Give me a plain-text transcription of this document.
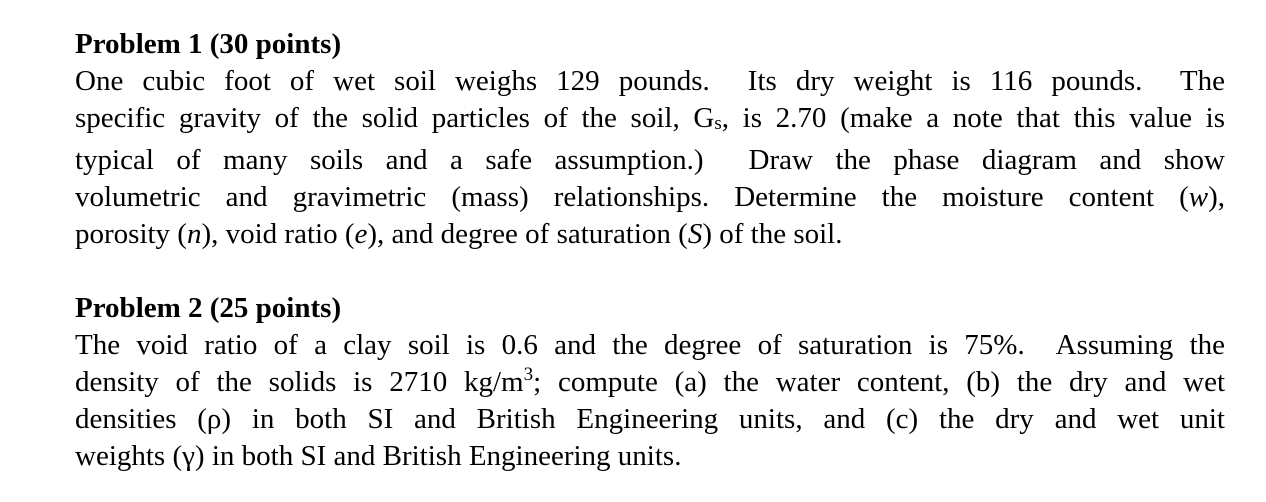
Problem 1 (30 points)

One cubic foot of wet soil weighs 129 pounds.  Its dry weight is 116 pounds.  The
specific gravity of the solid particles of the soil, $G_s$, is 2.70 (make a note that this value is
typical of many soils and a safe assumption.)  Draw the phase diagram and show
volumetric and gravimetric (mass) relationships. Determine the moisture content (w),
porosity (n), void ratio (e), and degree of saturation (S) of the soil.

Problem 2 (25 points)

The void ratio of a clay soil is 0.6 and the degree of saturation is 75%.  Assuming the
density of the solids is 2710 $kg/m^3$; compute (a) the water content, (b) the dry and wet
densities (ρ) in both SI and British Engineering units, and (c) the dry and wet unit
weights (γ) in both SI and British Engineering units.
